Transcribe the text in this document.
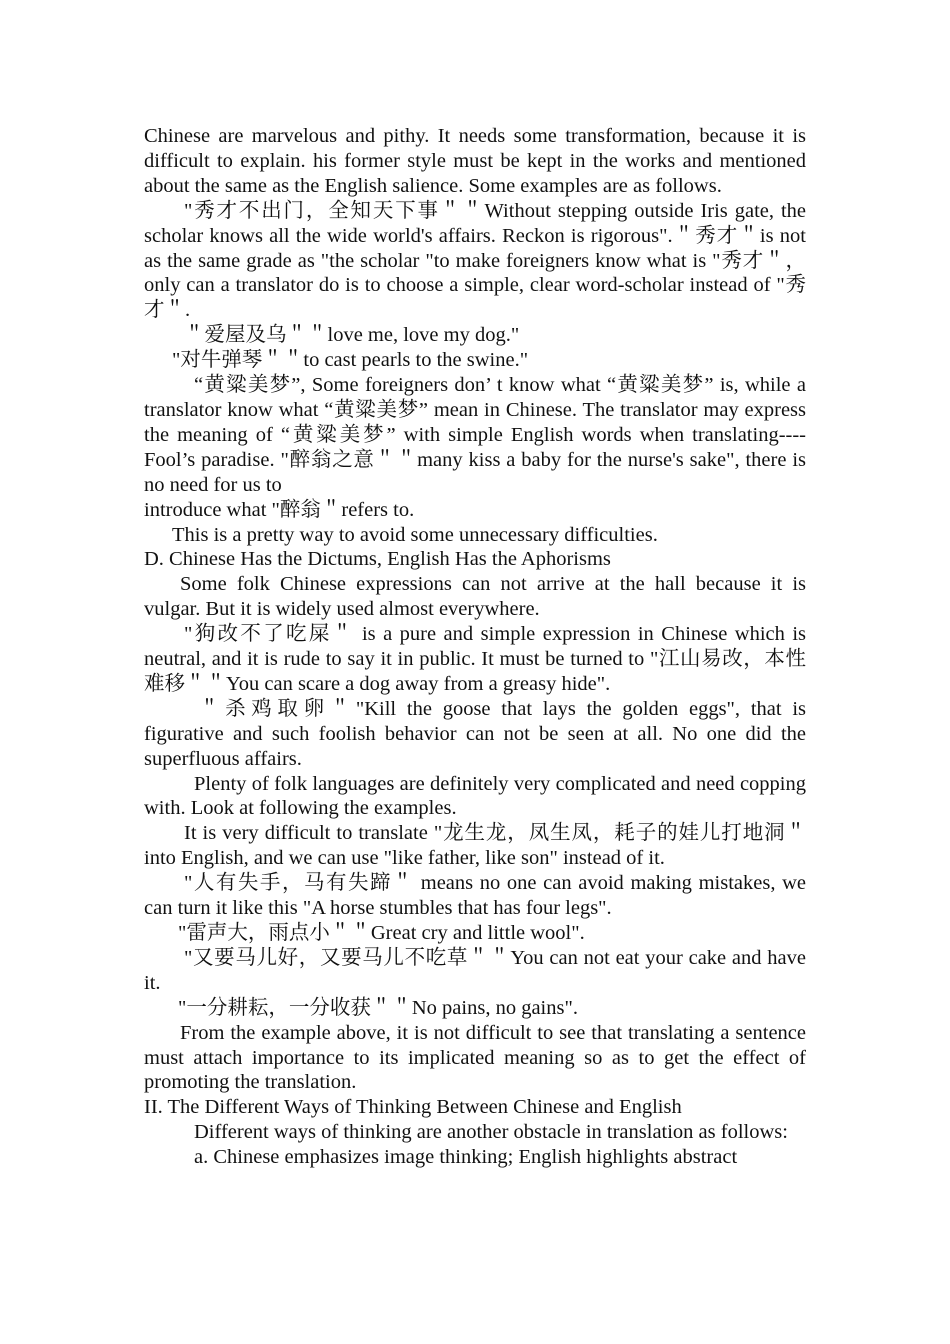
Chinese are marvelous and pithy. It needs some transformation, because it is difficult to explain. his former style must be kept in the works and mentioned about the same as the English salience. Some examples are as follows.

"秀才不出门，全知天下事＂＂Without stepping outside Iris gate, the scholar knows all the wide world's affairs. Reckon is rigorous".＂秀才＂is not as the same grade as "the scholar "to make foreigners know what is "秀才＂， only can a translator do is to choose a simple, clear word-scholar instead of "秀才＂.

＂爱屋及乌＂＂love me, love my dog."

"对牛弹琴＂＂to cast pearls to the swine."

“黄粱美梦”, Some foreigners don’ t know what “黄粱美梦” is, while a translator know what “黄粱美梦” mean in Chinese. The translator may express the meaning of “黄粱美梦” with simple English words when translating----Fool’s paradise. "醉翁之意＂＂many kiss a baby for the nurse's sake", there is no need for us to

introduce what "醉翁＂refers to.

This is a pretty way to avoid some unnecessary difficulties.

D. Chinese Has the Dictums, English Has the Aphorisms

Some folk Chinese expressions can not arrive at the hall because it is vulgar. But it is widely used almost everywhere.

"狗改不了吃屎＂ is a pure and simple expression in Chinese which is neutral, and it is rude to say it in public. It must be turned to "江山易改，本性难移＂＂You can scare a dog away from a greasy hide".

＂杀鸡取卵＂"Kill the goose that lays the golden eggs", that is figurative and such foolish behavior can not be seen at all. No one did the superfluous affairs.

Plenty of folk languages are definitely very complicated and need copping with. Look at following the examples.

It is very difficult to translate "龙生龙，凤生凤，耗子的娃儿打地洞＂into English, and we can use "like father, like son" instead of it.

"人有失手，马有失蹄＂ means no one can avoid making mistakes, we can turn it like this "A horse stumbles that has four legs".

"雷声大，雨点小＂＂Great cry and little wool".

"又要马儿好，又要马儿不吃草＂＂You can not eat your cake and have it.

"一分耕耘，一分收获＂＂No pains, no gains".

From the example above, it is not difficult to see that translating a sentence must attach importance to its implicated meaning so as to get the effect of promoting the translation.

II. The Different Ways of Thinking Between Chinese and English

Different ways of thinking are another obstacle in translation as follows:

a. Chinese emphasizes image thinking; English highlights abstract
